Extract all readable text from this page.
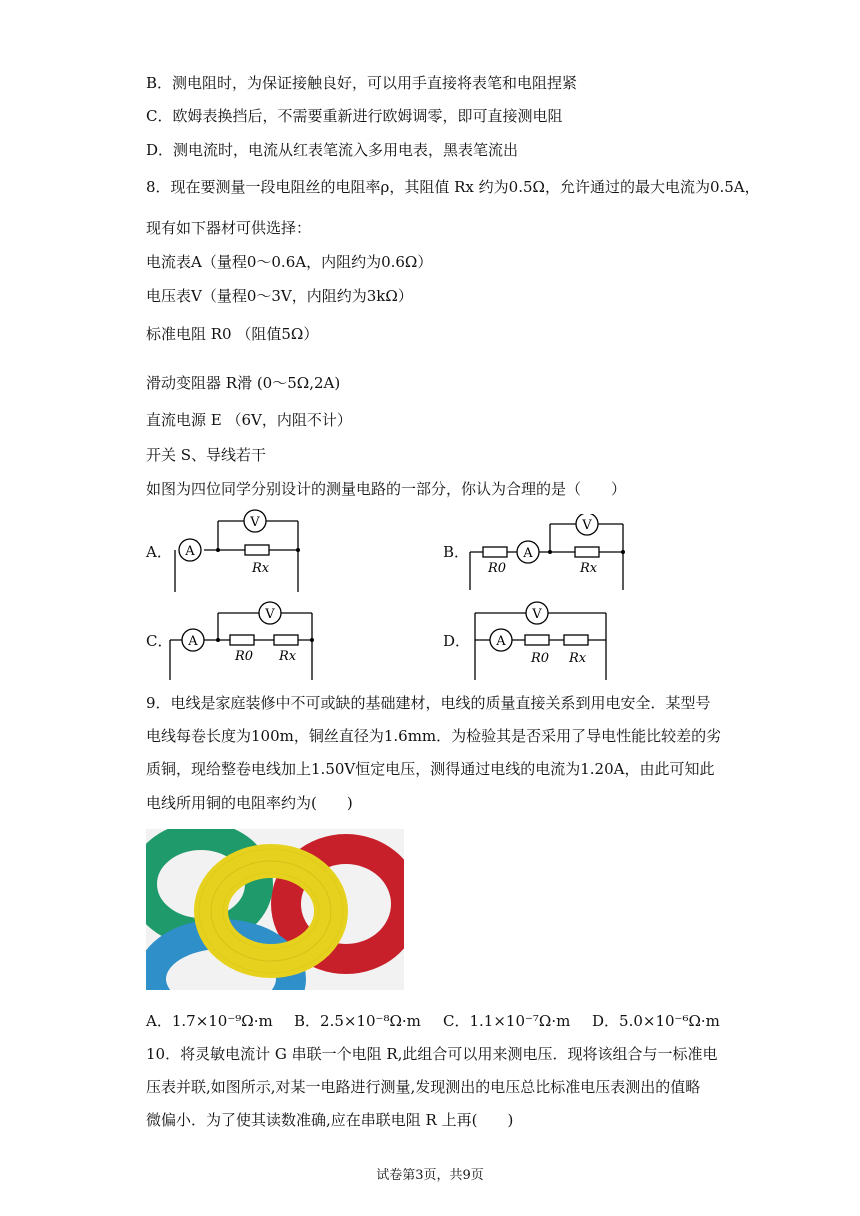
B．测电阻时，为保证接触良好，可以用手直接将表笔和电阻捏紧
C．欧姆表换挡后，不需要重新进行欧姆调零，即可直接测电阻
D．测电流时，电流从红表笔流入多用电表，黑表笔流出
8．现在要测量一段电阻丝的电阻率ρ，其阻值 Rx 约为0.5Ω，允许通过的最大电流为0.5A，
现有如下器材可供选择：
电流表A（量程0～0.6A，内阻约为0.6Ω）
电压表V（量程0～3V，内阻约为3kΩ）
标准电阻 R0 （阻值5Ω）
滑动变阻器 R滑 (0～5Ω,2A)
直流电源 E （6V，内阻不计）
开关 S、导线若干
如图为四位同学分别设计的测量电路的一部分，你认为合理的是（　　）
A． A
V
Rx
B．	A
V
R0	Rx
C． A
V
R0 Rx
D． A
V
R0 Rx
9．电线是家庭装修中不可或缺的基础建材，电线的质量直接关系到用电安全．某型号
电线每卷长度为100m，铜丝直径为1.6mm．为检验其是否采用了导电性能比较差的劣
质铜，现给整卷电线加上1.50V恒定电压，测得通过电线的电流为1.20A，由此可知此
电线所用铜的电阻率约为(　　)
A．1.7×10⁻⁹Ω·m B．2.5×10⁻⁸Ω·m C．1.1×10⁻⁷Ω·m D．5.0×10⁻⁶Ω·m
10．将灵敏电流计 G 串联一个电阻 R,此组合可以用来测电压．现将该组合与一标准电
压表并联,如图所示,对某一电路进行测量,发现测出的电压总比标准电压表测出的值略
微偏小．为了使其读数准确,应在串联电阻 R 上再(　　)
试卷第3页，共9页
